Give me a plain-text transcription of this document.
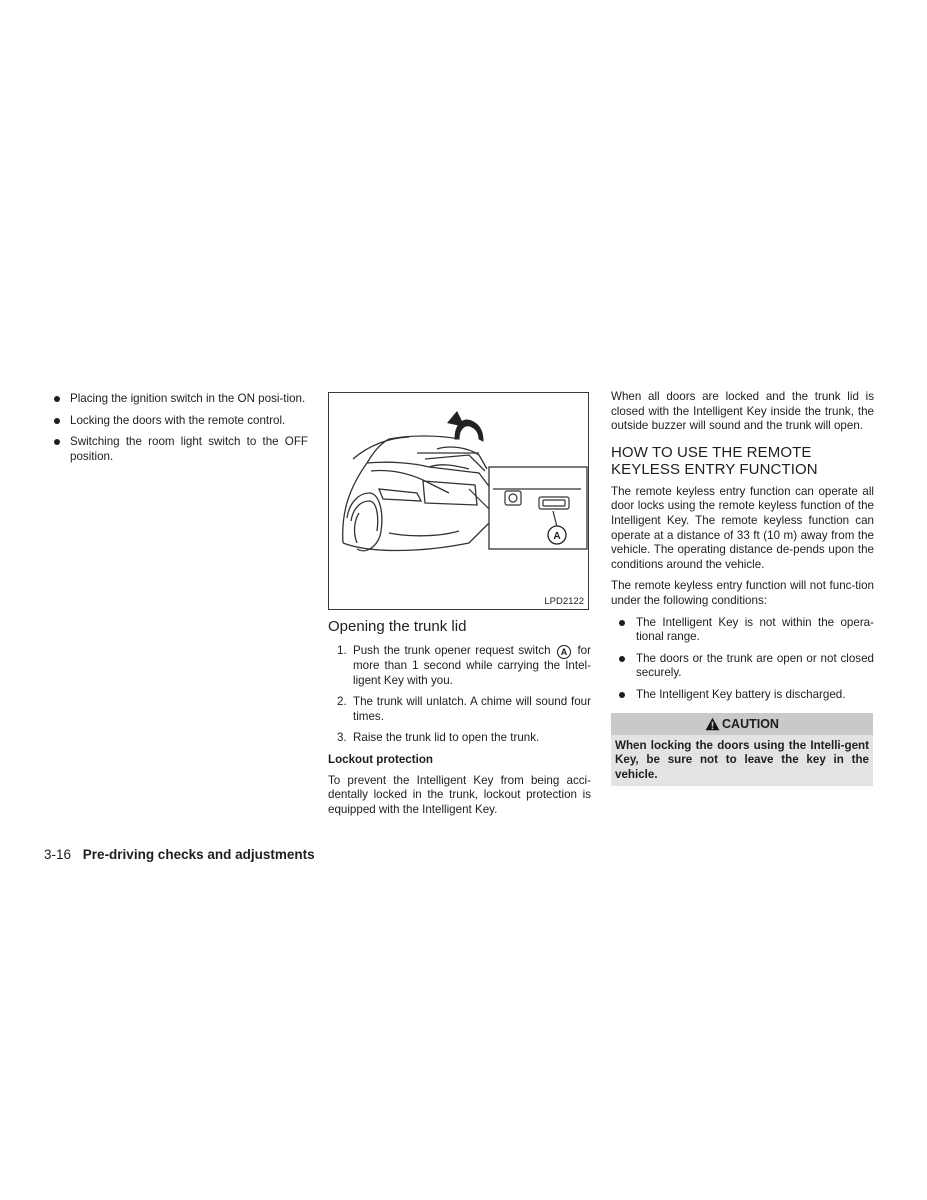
Placing the ignition switch in the ON posi-tion.
Locking the doors with the remote control.
Switching the room light switch to the OFF position.
A
LPD2122
Opening the trunk lid
1. Push the trunk opener request switch A for more than 1 second while carrying the Intel-ligent Key with you.
2. The trunk will unlatch. A chime will sound four times.
3. Raise the trunk lid to open the trunk.
Lockout protection

To prevent the Intelligent Key from being acci-dentally locked in the trunk, lockout protection is equipped with the Intelligent Key.

When all doors are locked and the trunk lid is closed with the Intelligent Key inside the trunk, the outside buzzer will sound and the trunk will open.

HOW TO USE THE REMOTE KEYLESS ENTRY FUNCTION

The remote keyless entry function can operate all door locks using the remote keyless function of the Intelligent Key. The remote keyless function can operate at a distance of 33 ft (10 m) away from the vehicle. The operating distance de-pends upon the conditions around the vehicle.

The remote keyless entry function will not func-tion under the following conditions:

The Intelligent Key is not within the opera-tional range.
The doors or the trunk are open or not closed securely.
The Intelligent Key battery is discharged.
CAUTION
When locking the doors using the Intelli-gent Key, be sure not to leave the key in the vehicle.
3-16 Pre-driving checks and adjustments
